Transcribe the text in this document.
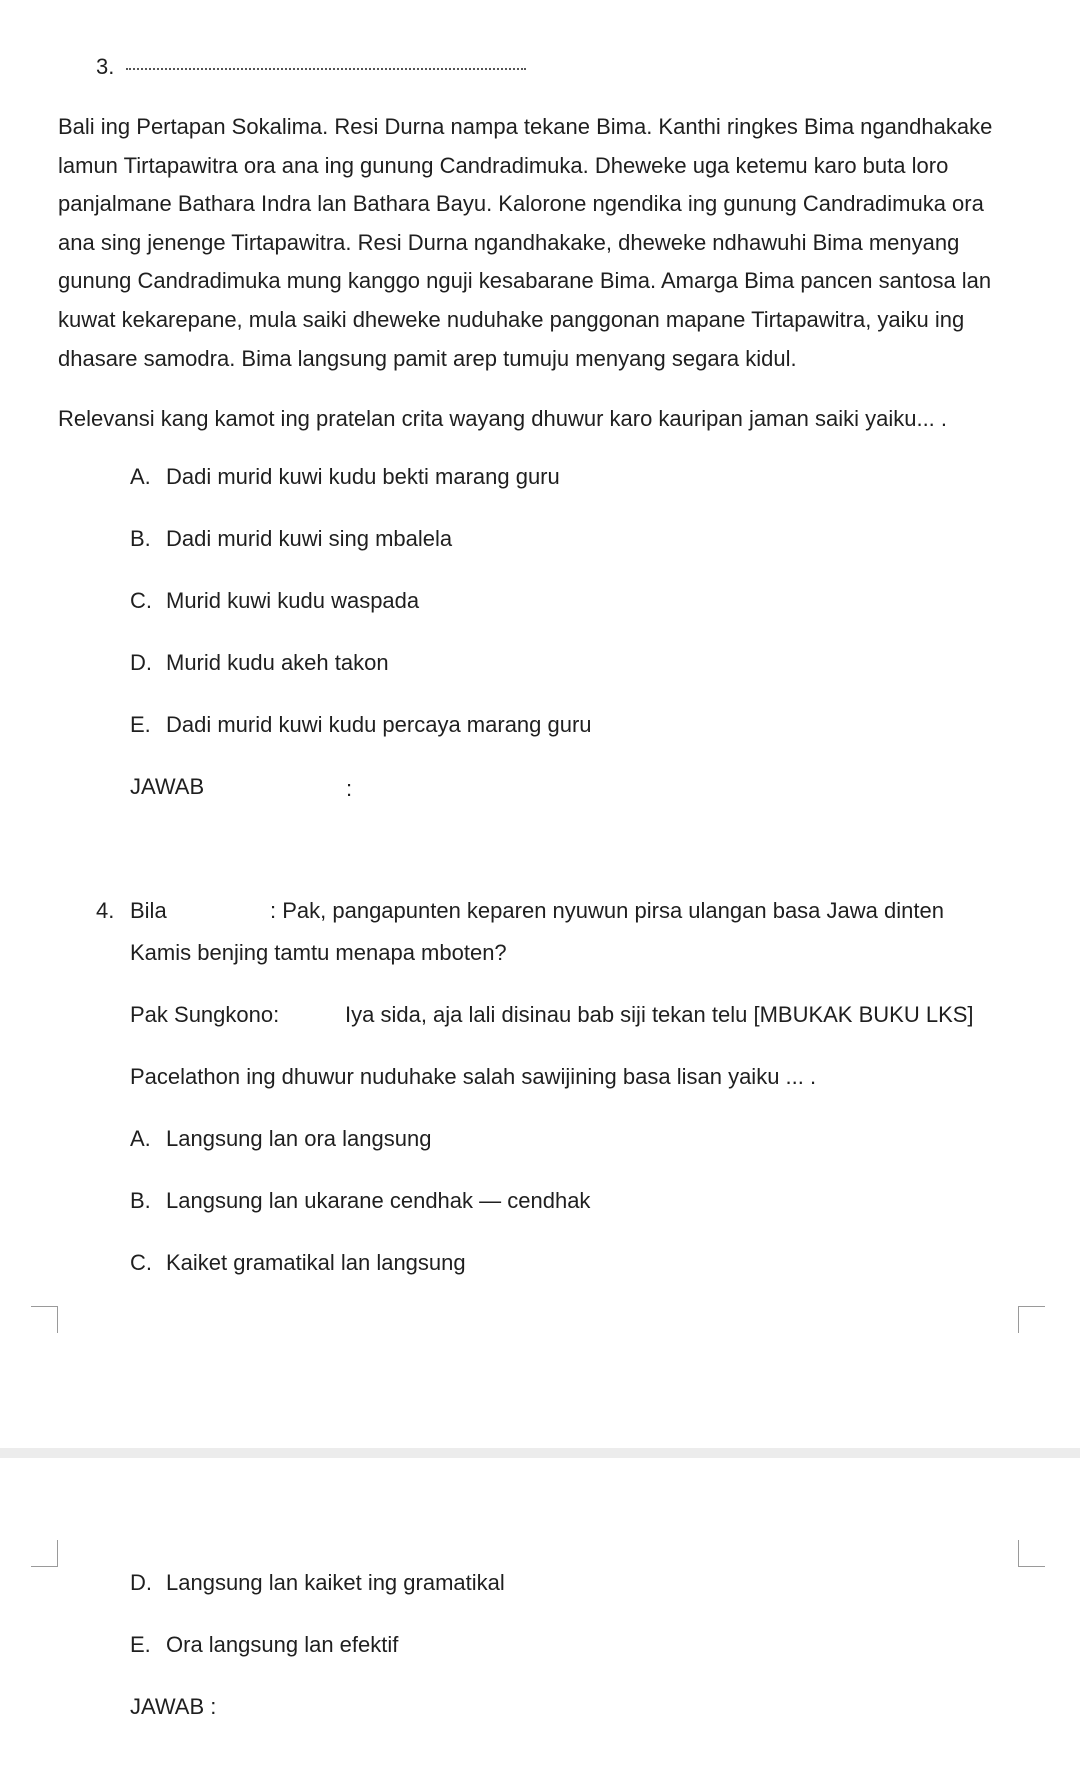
3.
Bali ing Pertapan Sokalima. Resi Durna nampa tekane Bima. Kanthi ringkes Bima ngandhakake lamun Tirtapawitra ora ana ing gunung Candradimuka. Dheweke uga ketemu karo buta loro panjalmane Bathara Indra lan Bathara Bayu. Kalorone ngendika ing gunung Candradimuka ora ana sing jenenge Tirtapawitra. Resi Durna ngandhakake, dheweke ndhawuhi Bima menyang gunung Candradimuka mung kanggo nguji kesabarane Bima. Amarga Bima pancen santosa lan kuwat kekarepane, mula saiki dheweke nuduhake panggonan mapane Tirtapawitra, yaiku ing dhasare samodra. Bima langsung pamit arep tumuju menyang segara kidul.
Relevansi kang kamot ing pratelan crita wayang dhuwur karo kauripan jaman saiki yaiku... .
A. Dadi murid kuwi kudu bekti marang guru
B. Dadi murid kuwi sing mbalela
C. Murid kuwi kudu waspada
D. Murid kudu akeh takon
E. Dadi murid kuwi kudu percaya marang guru
JAWAB	:
4. Bila	: Pak, pangapunten keparen nyuwun pirsa ulangan basa Jawa dinten
Kamis benjing tamtu menapa mboten?
Pak Sungkono:	Iya sida, aja lali disinau bab siji tekan telu [MBUKAK BUKU LKS]
Pacelathon ing dhuwur nuduhake salah sawijining basa lisan yaiku ... .
A. Langsung lan ora langsung
B. Langsung lan ukarane cendhak — cendhak
C. Kaiket gramatikal lan langsung
D. Langsung lan kaiket ing gramatikal
E. Ora langsung lan efektif
JAWAB :
